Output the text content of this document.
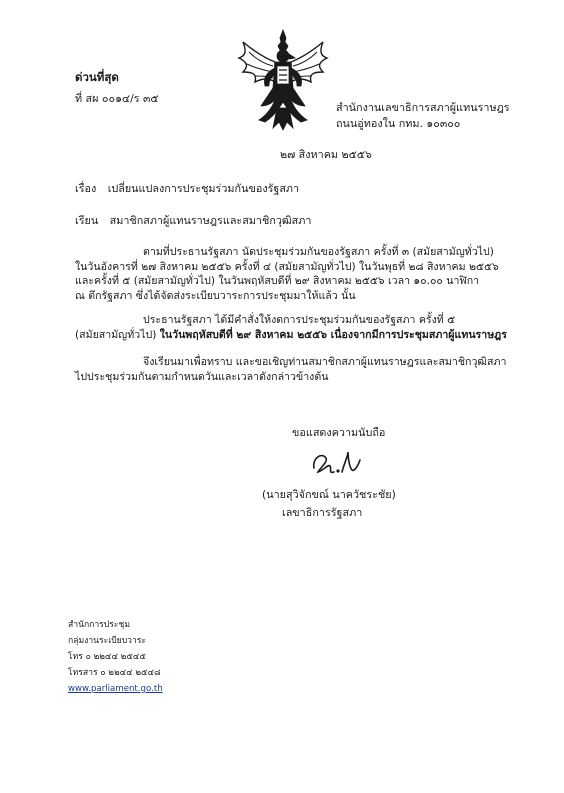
ด่วนที่สุด
ที่ สผ ๐๐๑๔/ร ๓๕
สำนักงานเลขาธิการสภาผู้แทนราษฎร
ถนนอู่ทองใน กทม. ๑๐๓๐๐
๒๗ สิงหาคม ๒๕๕๖
เรื่อง เปลี่ยนแปลงการประชุมร่วมกันของรัฐสภา
เรียน สมาชิกสภาผู้แทนราษฎรและสมาชิกวุฒิสภา
ตามที่ประธานรัฐสภา นัดประชุมร่วมกันของรัฐสภา ครั้งที่ ๓ (สมัยสามัญทั่วไป)
ในวันอังคารที่ ๒๗ สิงหาคม ๒๕๕๖ ครั้งที่ ๔ (สมัยสามัญทั่วไป) ในวันพุธที่ ๒๘ สิงหาคม ๒๕๕๖
และครั้งที่ ๕ (สมัยสามัญทั่วไป) ในวันพฤหัสบดีที่ ๒๙ สิงหาคม ๒๕๕๖ เวลา ๑๐.๐๐ นาฬิกา
ณ ตึกรัฐสภา ซึ่งได้จัดส่งระเบียบวาระการประชุมมาให้แล้ว นั้น
ประธานรัฐสภา ได้มีคำสั่งให้งดการประชุมร่วมกันของรัฐสภา ครั้งที่ ๕
(สมัยสามัญทั่วไป) ในวันพฤหัสบดีที่ ๒๙ สิงหาคม ๒๕๕๖ เนื่องจากมีการประชุมสภาผู้แทนราษฎร
จึงเรียนมาเพื่อทราบ และขอเชิญท่านสมาชิกสภาผู้แทนราษฎรและสมาชิกวุฒิสภา
ไปประชุมร่วมกันตามกำหนดวันและเวลาดังกล่าวข้างต้น
ขอแสดงความนับถือ
(นายสุวิจักขณ์ นาควัชระชัย)
เลขาธิการรัฐสภา
สำนักการประชุม
กลุ่มงานระเบียบวาระ
โทร ๐ ๒๒๔๔ ๒๕๔๕
โทรสาร ๐ ๒๒๔๔ ๒๕๔๘
www.parliament.go.th
